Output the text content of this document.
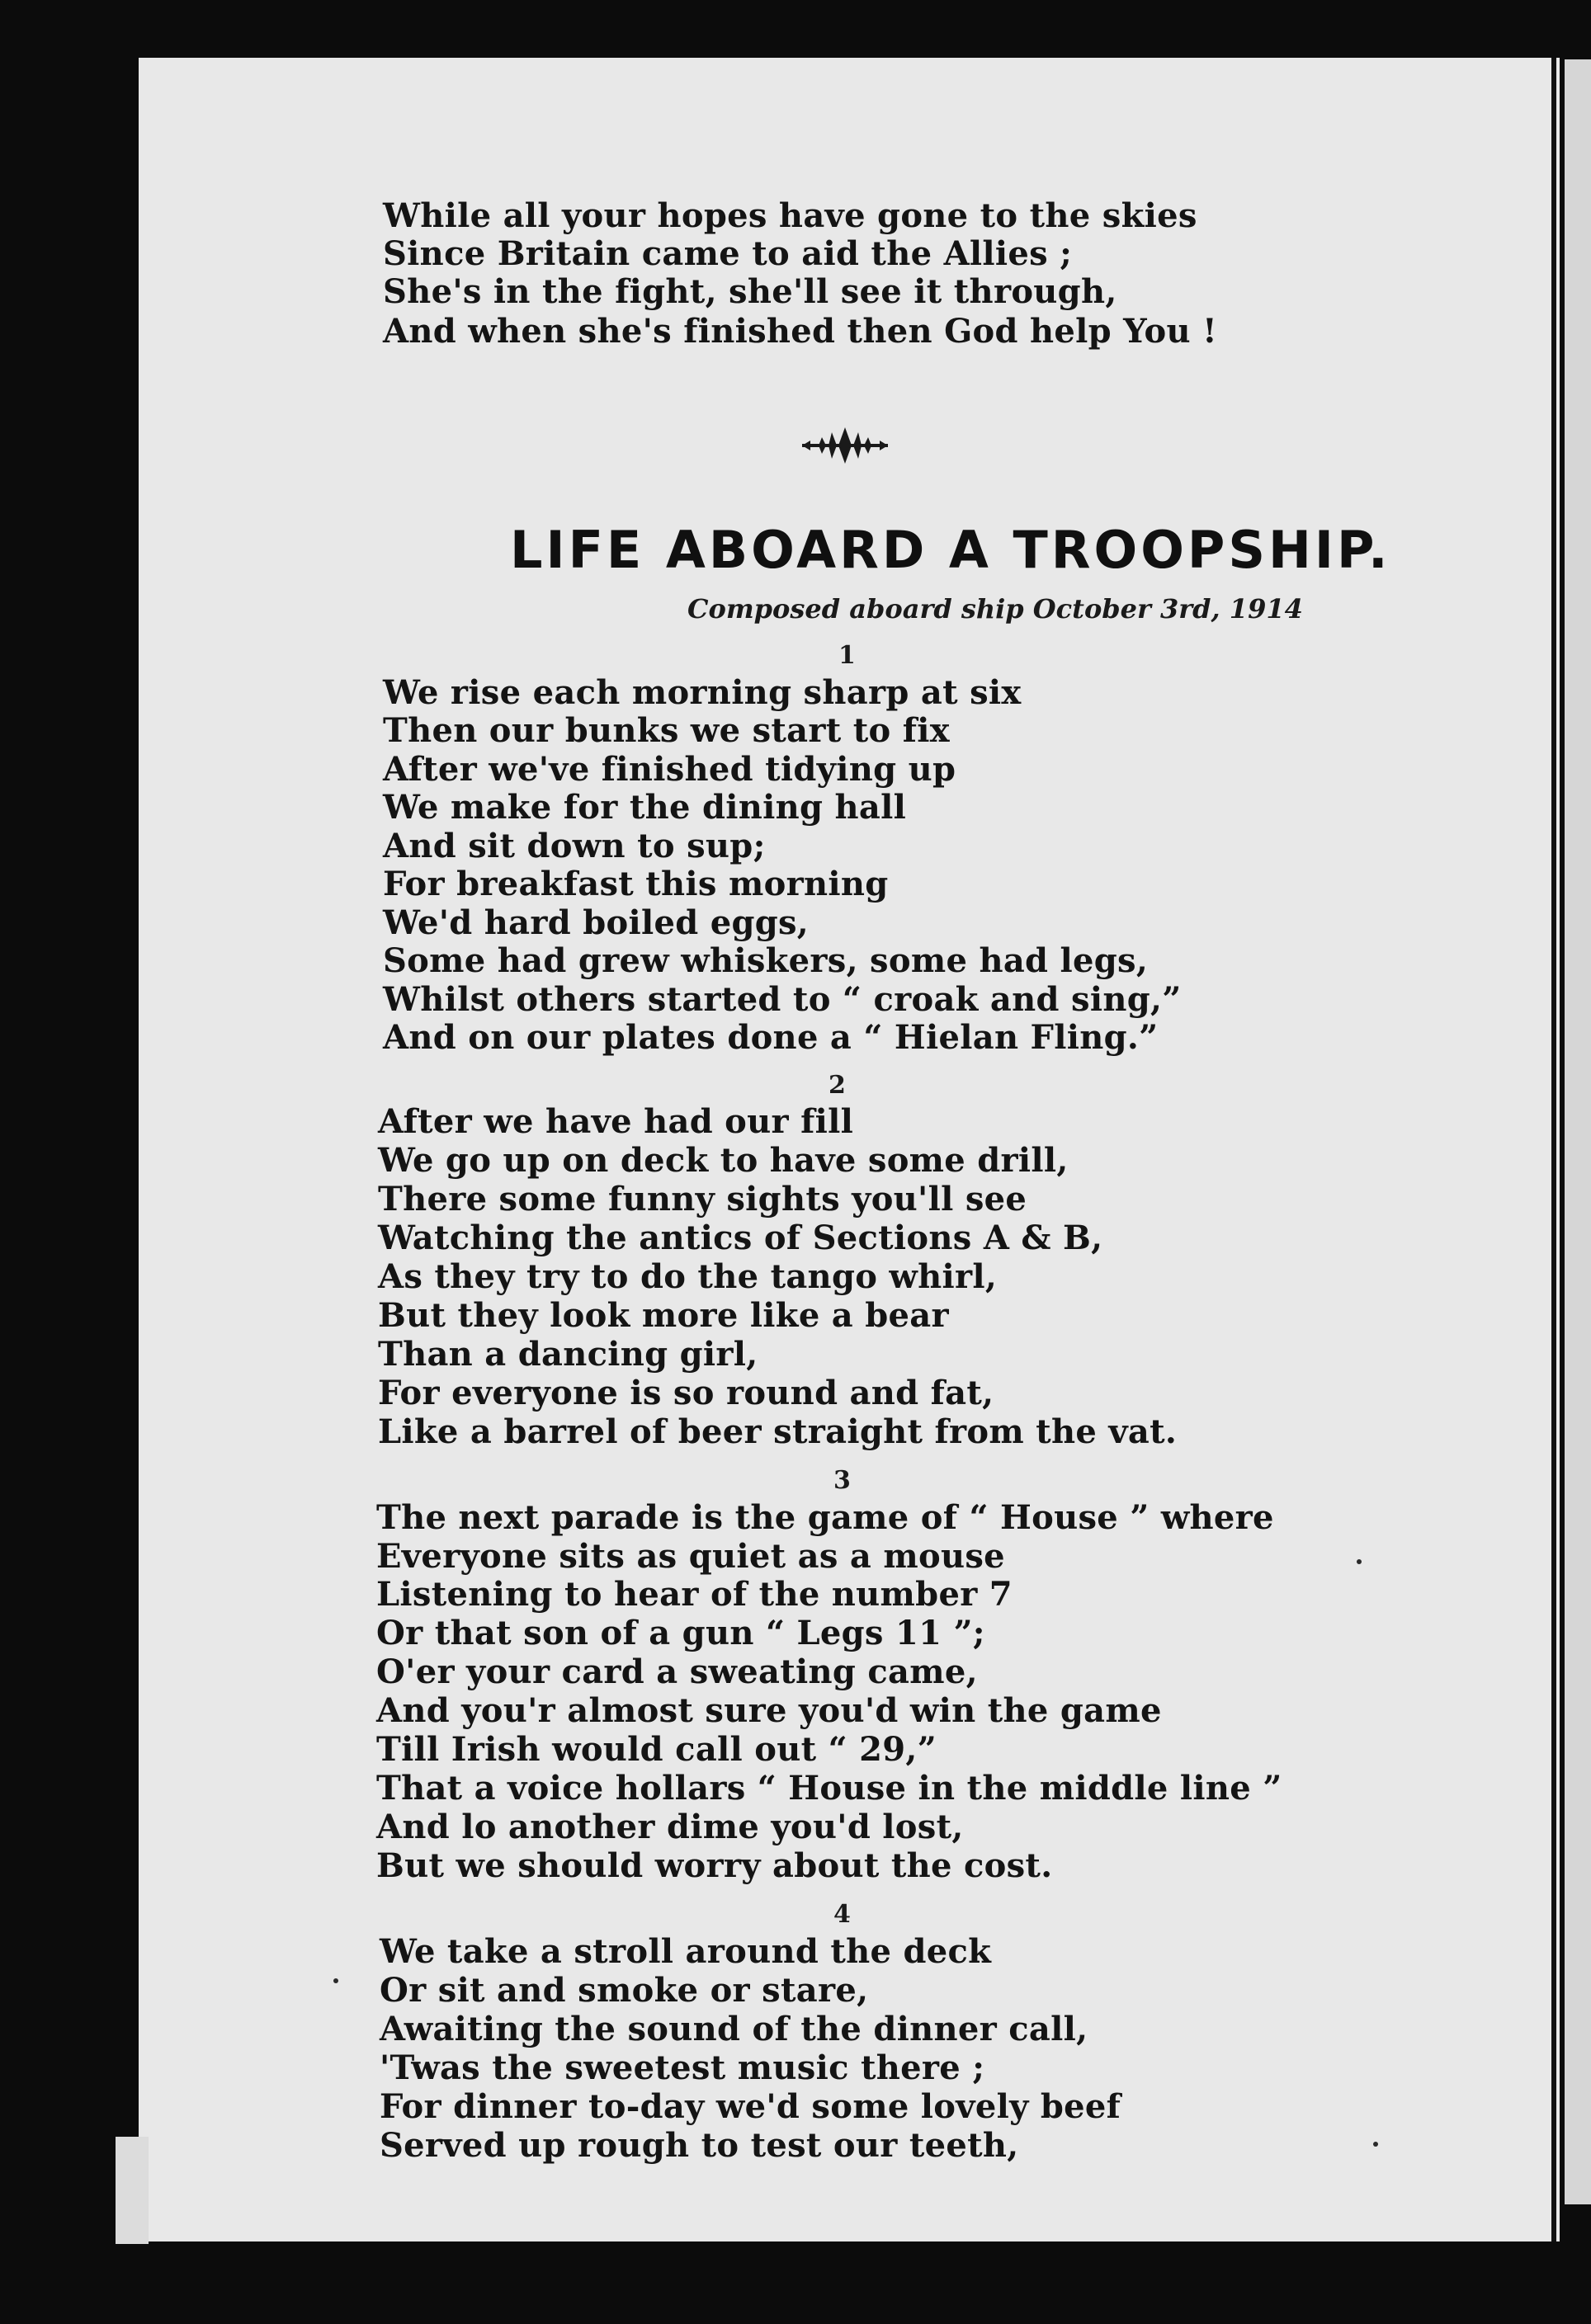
While all your hopes have gone to the skies

Since Britain came to aid the Allies ;

She's in the fight, she'll see it through,

And when she's finished then God help You !

LIFE ABOARD A TROOPSHIP.

Composed aboard ship October 3rd, 1914

1

We rise each morning sharp at six

Then our bunks we start to fix

After we've finished tidying up

We make for the dining hall

And sit down to sup;

For breakfast this morning

We'd hard boiled eggs,

Some had grew whiskers, some had legs,

Whilst others started to “ croak and sing,”

And on our plates done a “ Hielan Fling.”

2

After we have had our fill

We go up on deck to have some drill,

There some funny sights you'll see

Watching the antics of Sections A & B,

As they try to do the tango whirl,

But they look more like a bear

Than a dancing girl,

For everyone is so round and fat,

Like a barrel of beer straight from the vat.

3

The next parade is the game of “ House ” where

Everyone sits as quiet as a mouse

Listening to hear of the number 7

Or that son of a gun “ Legs 11 ”;

O'er your card a sweating came,

And you'r almost sure you'd win the game

Till Irish would call out “ 29,”

That a voice hollars “ House in the middle line ”

And lo another dime you'd lost,

But we should worry about the cost.

4

We take a stroll around the deck

Or sit and smoke or stare,

Awaiting the sound of the dinner call,

'Twas the sweetest music there ;

For dinner to-day we'd some lovely beef

Served up rough to test our teeth,
